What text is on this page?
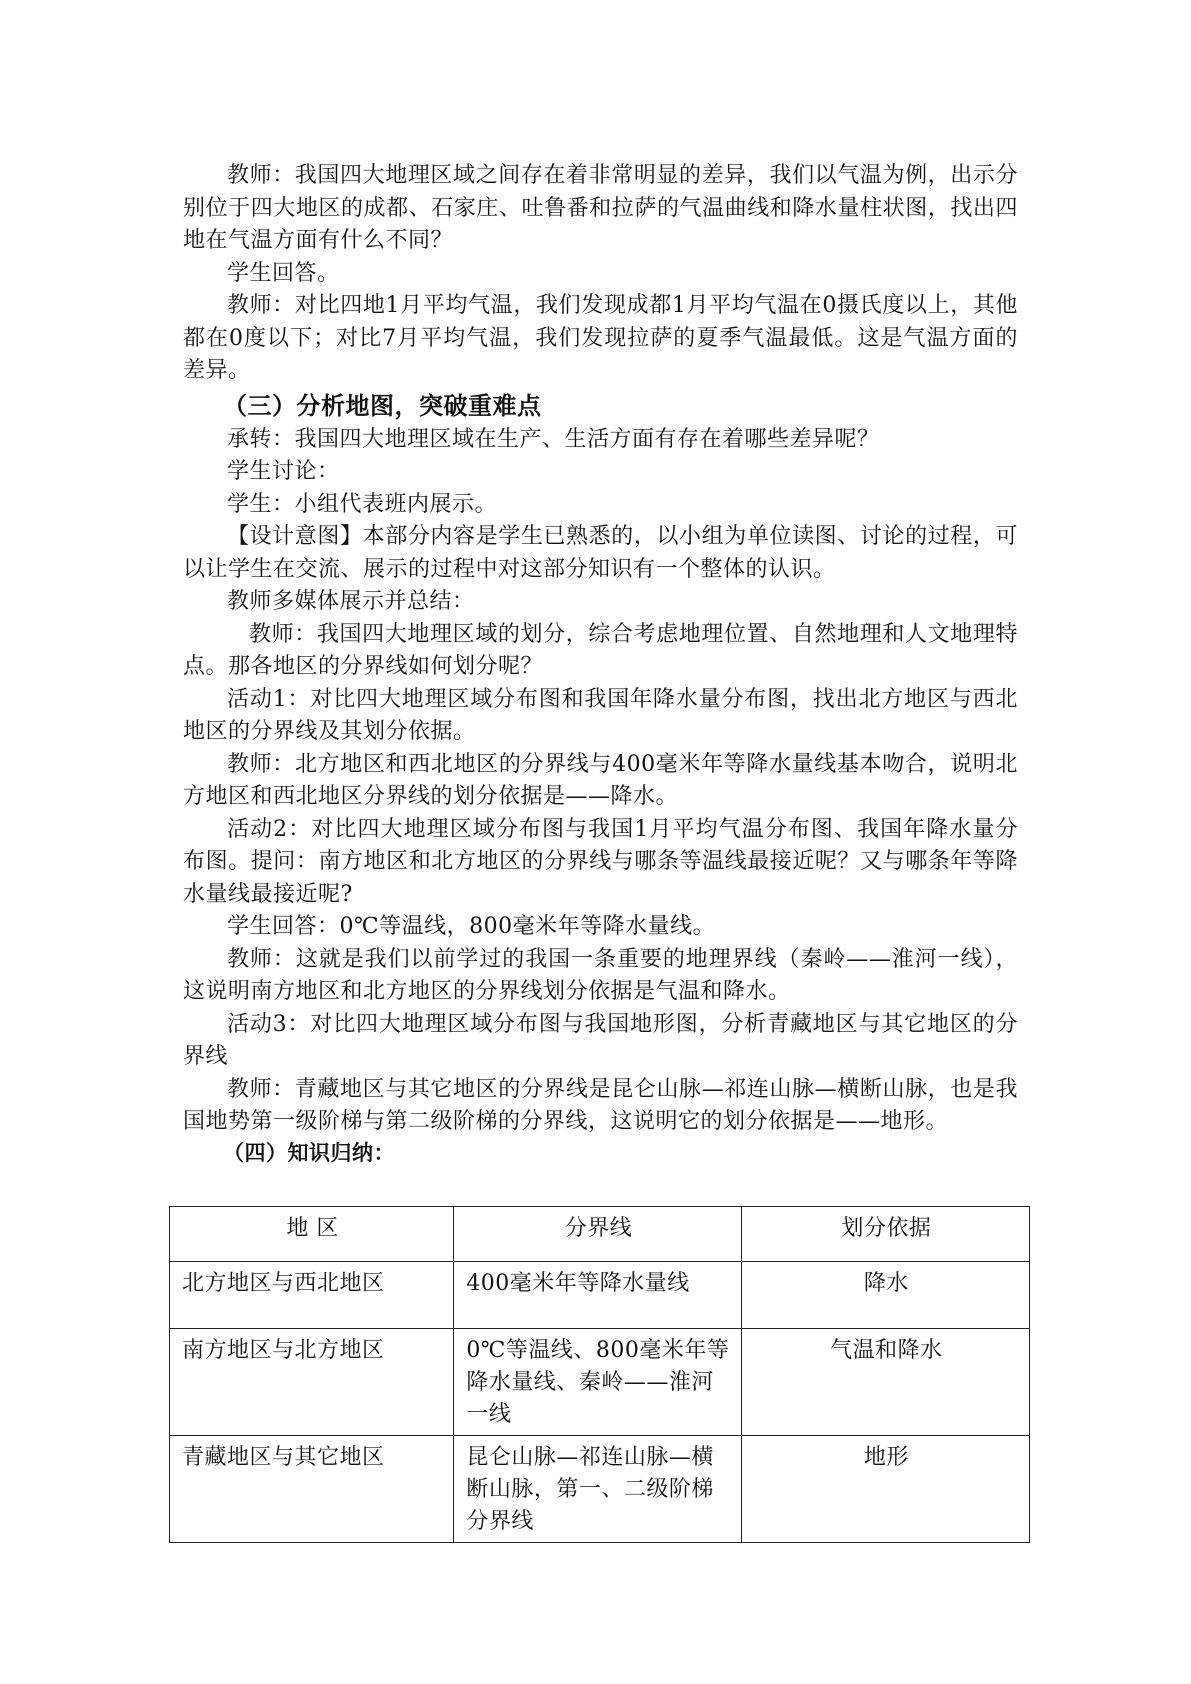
教师：我国四大地理区域之间存在着非常明显的差异，我们以气温为例，出示分别位于四大地区的成都、石家庄、吐鲁番和拉萨的气温曲线和降水量柱状图，找出四地在气温方面有什么不同？

学生回答。

教师：对比四地1月平均气温，我们发现成都1月平均气温在0摄氏度以上，其他都在0度以下；对比7月平均气温，我们发现拉萨的夏季气温最低。这是气温方面的差异。

（三）分析地图，突破重难点

承转：我国四大地理区域在生产、生活方面有存在着哪些差异呢？

学生讨论：

学生：小组代表班内展示。

【设计意图】本部分内容是学生已熟悉的，以小组为单位读图、讨论的过程，可以让学生在交流、展示的过程中对这部分知识有一个整体的认识。

教师多媒体展示并总结：

教师：我国四大地理区域的划分，综合考虑地理位置、自然地理和人文地理特点。那各地区的分界线如何划分呢？

活动1：对比四大地理区域分布图和我国年降水量分布图，找出北方地区与西北地区的分界线及其划分依据。

教师：北方地区和西北地区的分界线与400毫米年等降水量线基本吻合，说明北方地区和西北地区分界线的划分依据是——降水。

活动2：对比四大地理区域分布图与我国1月平均气温分布图、我国年降水量分布图。提问：南方地区和北方地区的分界线与哪条等温线最接近呢？又与哪条年等降水量线最接近呢?

学生回答：0℃等温线，800毫米年等降水量线。

教师：这就是我们以前学过的我国一条重要的地理界线（秦岭——淮河一线），这说明南方地区和北方地区的分界线划分依据是气温和降水。

活动3：对比四大地理区域分布图与我国地形图，分析青藏地区与其它地区的分界线

教师：青藏地区与其它地区的分界线是昆仑山脉—祁连山脉—横断山脉，也是我国地势第一级阶梯与第二级阶梯的分界线，这说明它的划分依据是——地形。

（四）知识归纳：
地 区	分界线	划分依据
北方地区与西北地区	400毫米年等降水量线	降水
南方地区与北方地区	0℃等温线、800毫米年等降水量线、秦岭——淮河一线	气温和降水
青藏地区与其它地区	昆仑山脉—祁连山脉—横断山脉，第一、二级阶梯分界线	地形
